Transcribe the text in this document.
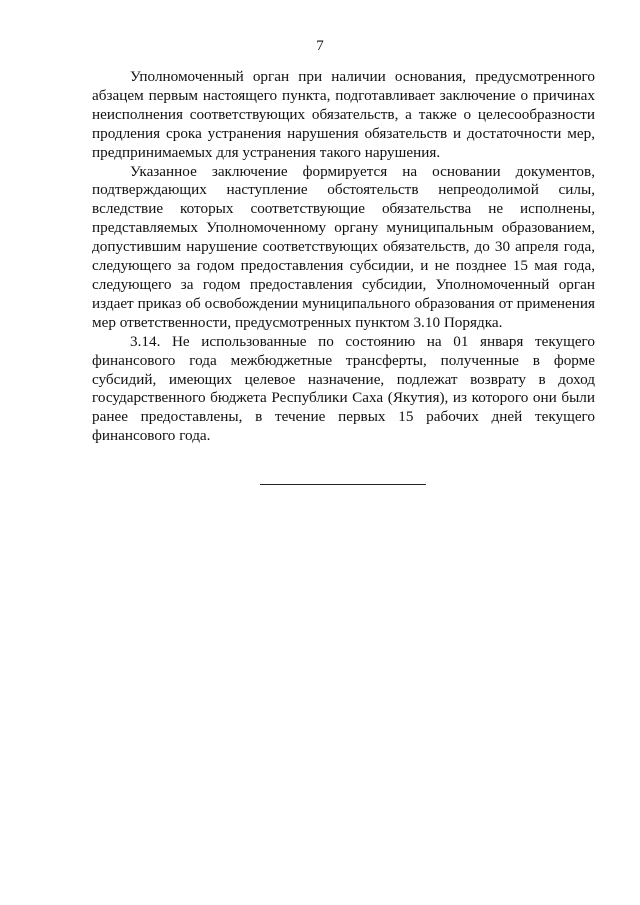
7

Уполномоченный орган при наличии основания, предусмотренного абзацем первым настоящего пункта, подготавливает заключение о причинах неисполнения соответствующих обязательств, а также о целесообразности продления срока устранения нарушения обязательств и достаточности мер, предпринимаемых для устранения такого нарушения.

Указанное заключение формируется на основании документов, подтверждающих наступление обстоятельств непреодолимой силы, вследствие которых соответствующие обязательства не исполнены, представляемых Уполномоченному органу муниципальным образованием, допустившим нарушение соответствующих обязательств, до 30 апреля года, следующего за годом предоставления субсидии, и не позднее 15 мая года, следующего за годом предоставления субсидии, Уполномоченный орган издает приказ об освобождении муниципального образования от применения мер ответственности, предусмотренных пунктом 3.10 Порядка.

3.14. Не использованные по состоянию на 01 января текущего финансового года межбюджетные трансферты, полученные в форме субсидий, имеющих целевое назначение, подлежат возврату в доход государственного бюджета Республики Саха (Якутия), из которого они были ранее предоставлены, в течение первых 15 рабочих дней текущего финансового года.
